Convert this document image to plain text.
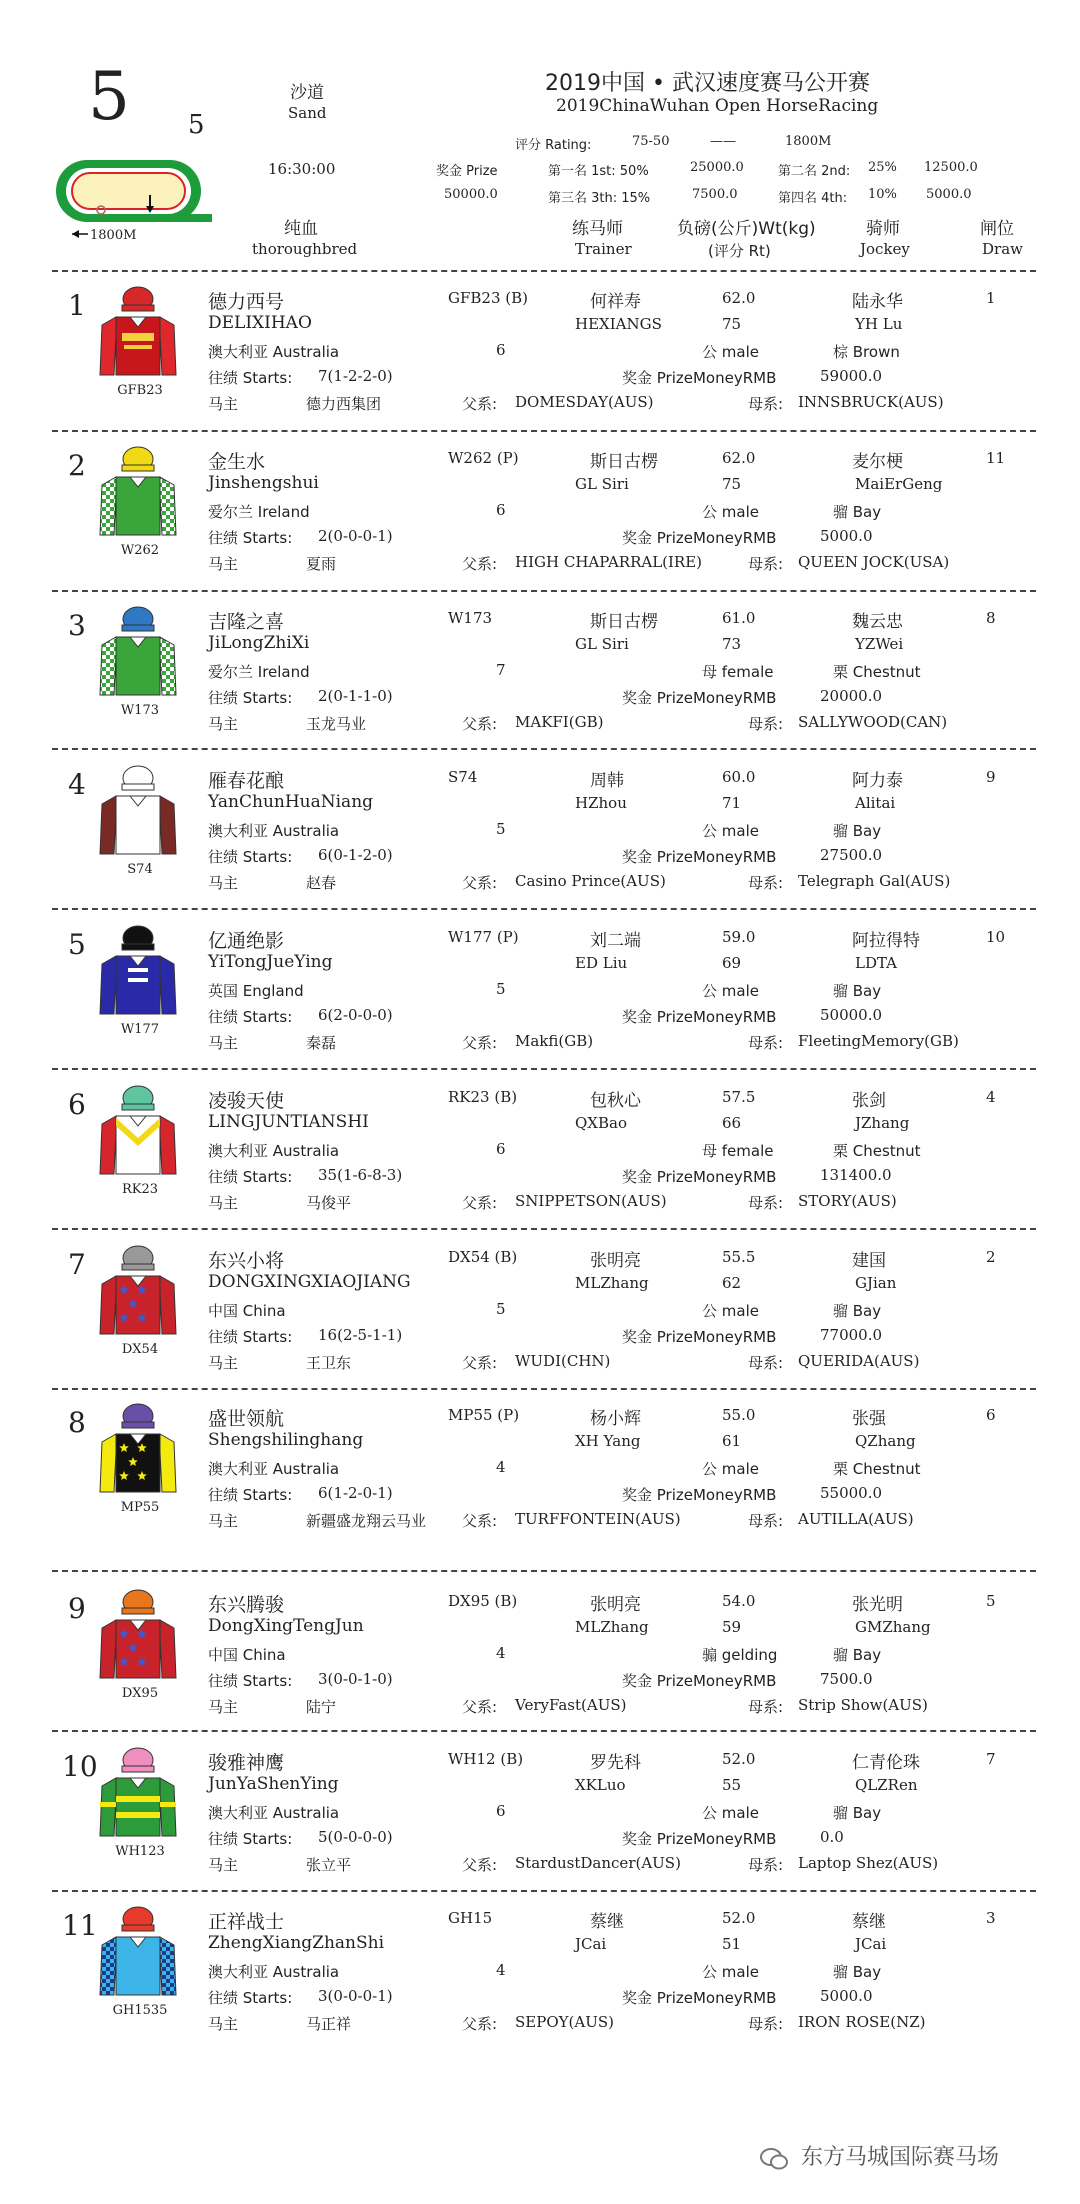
5 5
沙道
Sand
16:30:00
2019中国 • 武汉速度赛马公开赛
2019ChinaWuhan Open HorseRacing
评分 Rating:	75-50	——	1800M
奖金 Prize	第一名 1st: 50%	25000.0	第二名 2nd: 25% 12500.0
50000.0	第三名 3th: 15%	7500.0	第四名 4th: 10% 5000.0
1800M	纯血
thoroughbred
练马师
Trainer
负磅(公斤)Wt(kg)
(评分 Rt)
骑师
Jockey
闸位
Draw
1
GFB23
德力西号	GFB23 (B)	何祥寿	62.0	陆永华	1
DELIXIHAO	HEXIANGS	75	YH Lu
澳大利亚 Australia	6	公 male	棕 Brown
往绩 Starts: 7(1-2-2-0)	奖金 PrizeMoneyRMB	59000.0
马主	德力西集团	父系: DOMESDAY(AUS)	母系: INNSBRUCK(AUS)
2
W262
金生水	W262 (P)	斯日古楞	62.0	麦尔梗	11
Jinshengshui	GL Siri	75	MaiErGeng
爱尔兰 Ireland	6	公 male	骝 Bay
往绩 Starts: 2(0-0-0-1)	奖金 PrizeMoneyRMB	5000.0
马主	夏雨	父系: HIGH CHAPARRAL(IRE)	母系: QUEEN JOCK(USA)
3
W173
吉隆之喜	W173	斯日古楞	61.0	魏云忠	8
JiLongZhiXi	GL Siri	73	YZWei
爱尔兰 Ireland	7	母 female	栗 Chestnut
往绩 Starts: 2(0-1-1-0)	奖金 PrizeMoneyRMB	20000.0
马主	玉龙马业	父系: MAKFI(GB)	母系: SALLYWOOD(CAN)
4
S74
雁春花酿	S74	周韩	60.0	阿力泰	9
YanChunHuaNiang	HZhou	71	Alitai
澳大利亚 Australia	5	公 male	骝 Bay
往绩 Starts: 6(0-1-2-0)	奖金 PrizeMoneyRMB	27500.0
马主	赵春	父系: Casino Prince(AUS)	母系: Telegraph Gal(AUS)
5
W177
亿通绝影	W177 (P)	刘二端	59.0	阿拉得特	10
YiTongJueYing	ED Liu	69	LDTA
英国 England	5	公 male	骝 Bay
往绩 Starts: 6(2-0-0-0)	奖金 PrizeMoneyRMB	50000.0
马主	秦磊	父系: Makfi(GB)	母系: FleetingMemory(GB)
6
RK23
凌骏天使	RK23 (B)	包秋心	57.5	张剑	4
LINGJUNTIANSHI	QXBao	66	JZhang
澳大利亚 Australia	6	母 female	栗 Chestnut
往绩 Starts: 35(1-6-8-3)	奖金 PrizeMoneyRMB	131400.0
马主	马俊平	父系: SNIPPETSON(AUS)	母系: STORY(AUS)
7
DX54
东兴小将	DX54 (B)	张明亮	55.5	建国	2
DONGXINGXIAOJIANG	MLZhang	62	GJian
中国 China	5	公 male	骝 Bay
往绩 Starts: 16(2-5-1-1)	奖金 PrizeMoneyRMB	77000.0
马主	王卫东	父系: WUDI(CHN)	母系: QUERIDA(AUS)
8
MP55
盛世领航	MP55 (P)	杨小辉	55.0	张强	6
Shengshilinghang	XH Yang	61	QZhang
澳大利亚 Australia	4	公 male	栗 Chestnut
往绩 Starts: 6(1-2-0-1)	奖金 PrizeMoneyRMB	55000.0
马主	新疆盛龙翔云马业 父系: TURFFONTEIN(AUS)	母系: AUTILLA(AUS)
9
DX95
东兴腾骏	DX95 (B)	张明亮	54.0	张光明	5
DongXingTengJun	MLZhang	59	GMZhang
中国 China	4	骟 gelding	骝 Bay
往绩 Starts: 3(0-0-1-0)	奖金 PrizeMoneyRMB	7500.0
马主	陆宁	父系: VeryFast(AUS)	母系: Strip Show(AUS)
10
WH123
骏雅神鹰	WH12 (B)	罗先科	52.0	仁青伦珠	7
JunYaShenYing	XKLuo	55	QLZRen
澳大利亚 Australia	6	公 male	骝 Bay
往绩 Starts: 5(0-0-0-0)	奖金 PrizeMoneyRMB	0.0
马主	张立平	父系: StardustDancer(AUS)	母系: Laptop Shez(AUS)
11
GH1535
正祥战士	GH15	蔡继	52.0	蔡继	3
ZhengXiangZhanShi	JCai	51	JCai
澳大利亚 Australia	4	公 male	骝 Bay
往绩 Starts: 3(0-0-0-1)	奖金 PrizeMoneyRMB	5000.0
马主	马正祥	父系: SEPOY(AUS)	母系: IRON ROSE(NZ)
东方马城国际赛马场
